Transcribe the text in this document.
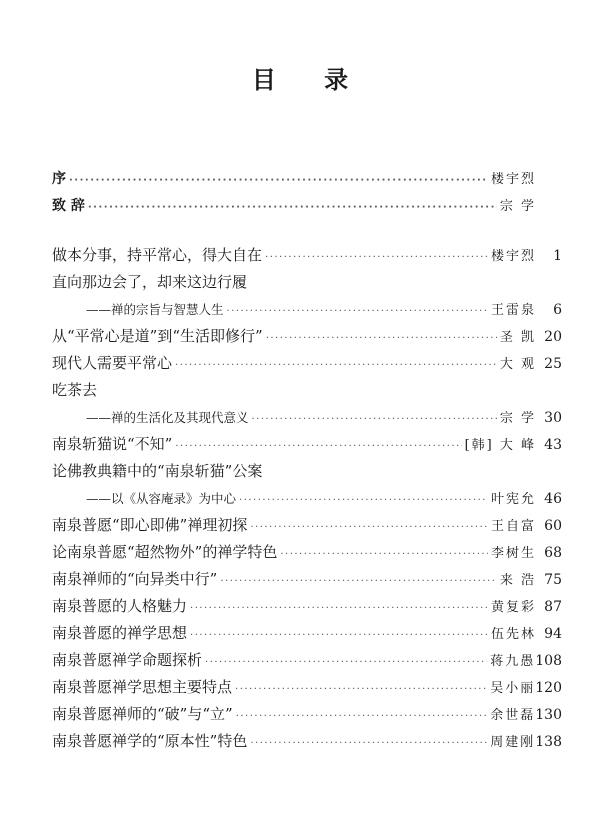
目 录
序 ·····	楼宇烈
致 辞 ·····	宗 学
做本分事，持平常心，得大自在 ·····	楼宇烈	1
直向那边会了，却来这边行履
——禅的宗旨与智慧人生 ·····	王雷泉	6
从“平常心是道”到“生活即修行” ·····	圣 凯 20
现代人需要平常心 ·····	大 观 25
吃茶去
——禅的生活化及其现代意义 ·····	宗 学 30
南泉斩猫说“不知” ·····	[韩] 大 峰 43
论佛教典籍中的“南泉斩猫”公案
——以《从容庵录》为中心 ·····	叶宪允 46
南泉普愿“即心即佛”禅理初探 ·····	王自富 60
论南泉普愿“超然物外”的禅学特色 ·····	李树生 68
南泉禅师的“向异类中行” ·····	来 浩 75
南泉普愿的人格魅力 ·····	黄复彩 87
南泉普愿的禅学思想 ·····	伍先林 94
南泉普愿禅学命题探析 ·····	蒋九愚 108
南泉普愿禅学思想主要特点 ·····	吴小丽 120
南泉普愿禅师的“破”与“立” ·····	余世磊 130
南泉普愿禅学的“原本性”特色 ·····	周建刚 138
